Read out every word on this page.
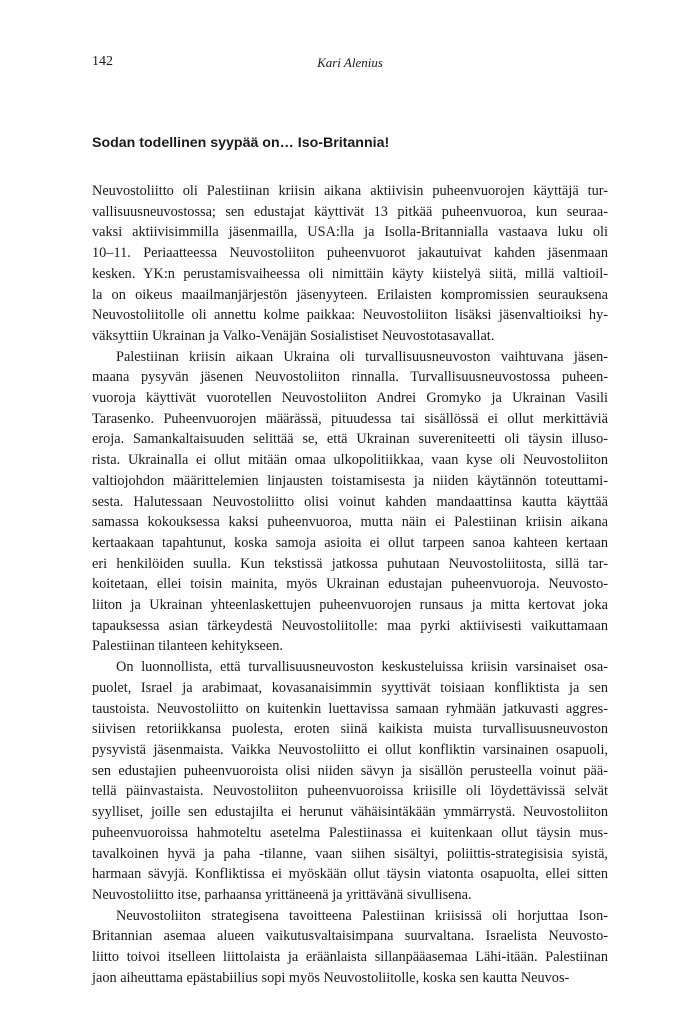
142	Kari Alenius
Sodan todellinen syypää on… Iso-Britannia!
Neuvostoliitto oli Palestiinan kriisin aikana aktiivisin puheenvuorojen käyttäjä tur-
vallisuusneuvostossa; sen edustajat käyttivät 13 pitkää puheenvuoroa, kun seuraa-
vaksi aktiivisimmilla jäsenmailla, USA:lla ja Isolla-Britannialla vastaava luku oli
10–11. Periaatteessa Neuvostoliiton puheenvuorot jakautuivat kahden jäsenmaan
kesken. YK:n perustamisvaiheessa oli nimittäin käyty kiistelyä siitä, millä valtioil-
la on oikeus maailmanjärjestön jäsenyyteen. Erilaisten kompromissien seurauksena
Neuvostoliitolle oli annettu kolme paikkaa: Neuvostoliiton lisäksi jäsenvaltioiksi hy-
väksyttiin Ukrainan ja Valko-Venäjän Sosialistiset Neuvostotasavallat.
Palestiinan kriisin aikaan Ukraina oli turvallisuusneuvoston vaihtuvana jäsen-
maana pysyvän jäsenen Neuvostoliiton rinnalla. Turvallisuusneuvostossa puheen-
vuoroja käyttivät vuorotellen Neuvostoliiton Andrei Gromyko ja Ukrainan Vasili
Tarasenko. Puheenvuorojen määrässä, pituudessa tai sisällössä ei ollut merkittäviä
eroja. Samankaltaisuuden selittää se, että Ukrainan suvereniteetti oli täysin illuso-
rista. Ukrainalla ei ollut mitään omaa ulkopolitiikkaa, vaan kyse oli Neuvostoliiton
valtiojohdon määrittelemien linjausten toistamisesta ja niiden käytännön toteuttami-
sesta. Halutessaan Neuvostoliitto olisi voinut kahden mandaattinsa kautta käyttää
samassa kokouksessa kaksi puheenvuoroa, mutta näin ei Palestiinan kriisin aikana
kertaakaan tapahtunut, koska samoja asioita ei ollut tarpeen sanoa kahteen kertaan
eri henkilöiden suulla. Kun tekstissä jatkossa puhutaan Neuvostoliitosta, sillä tar-
koitetaan, ellei toisin mainita, myös Ukrainan edustajan puheenvuoroja. Neuvosto-
liiton ja Ukrainan yhteenlaskettujen puheenvuorojen runsaus ja mitta kertovat joka
tapauksessa asian tärkeydestä Neuvostoliitolle: maa pyrki aktiivisesti vaikuttamaan
Palestiinan tilanteen kehitykseen.
On luonnollista, että turvallisuusneuvoston keskusteluissa kriisin varsinaiset osa-
puolet, Israel ja arabimaat, kovasanaisimmin syyttivät toisiaan konfliktista ja sen
taustoista. Neuvostoliitto on kuitenkin luettavissa samaan ryhmään jatkuvasti aggres-
siivisen retoriikkansa puolesta, eroten siinä kaikista muista turvallisuusneuvoston
pysyvistä jäsenmaista. Vaikka Neuvostoliitto ei ollut konfliktin varsinainen osapuoli,
sen edustajien puheenvuoroista olisi niiden sävyn ja sisällön perusteella voinut pää-
tellä päinvastaista. Neuvostoliiton puheenvuoroissa kriisille oli löydettävissä selvät
syylliset, joille sen edustajilta ei herunut vähäisintäkään ymmärrystä. Neuvostoliiton
puheenvuoroissa hahmoteltu asetelma Palestiinassa ei kuitenkaan ollut täysin mus-
tavalkoinen hyvä ja paha -tilanne, vaan siihen sisältyi, poliittis-strategisisia syistä,
harmaan sävyjä. Konfliktissa ei myöskään ollut täysin viatonta osapuolta, ellei sitten
Neuvostoliitto itse, parhaansa yrittäneenä ja yrittävänä sivullisena.
Neuvostoliiton strategisena tavoitteena Palestiinan kriisissä oli horjuttaa Ison-
Britannian asemaa alueen vaikutusvaltaisimpana suurvaltana. Israelista Neuvosto-
liitto toivoi itselleen liittolaista ja eräänlaista sillanpääasemaa Lähi-itään. Palestiinan
jaon aiheuttama epästabiilius sopi myös Neuvostoliitolle, koska sen kautta Neuvos-
